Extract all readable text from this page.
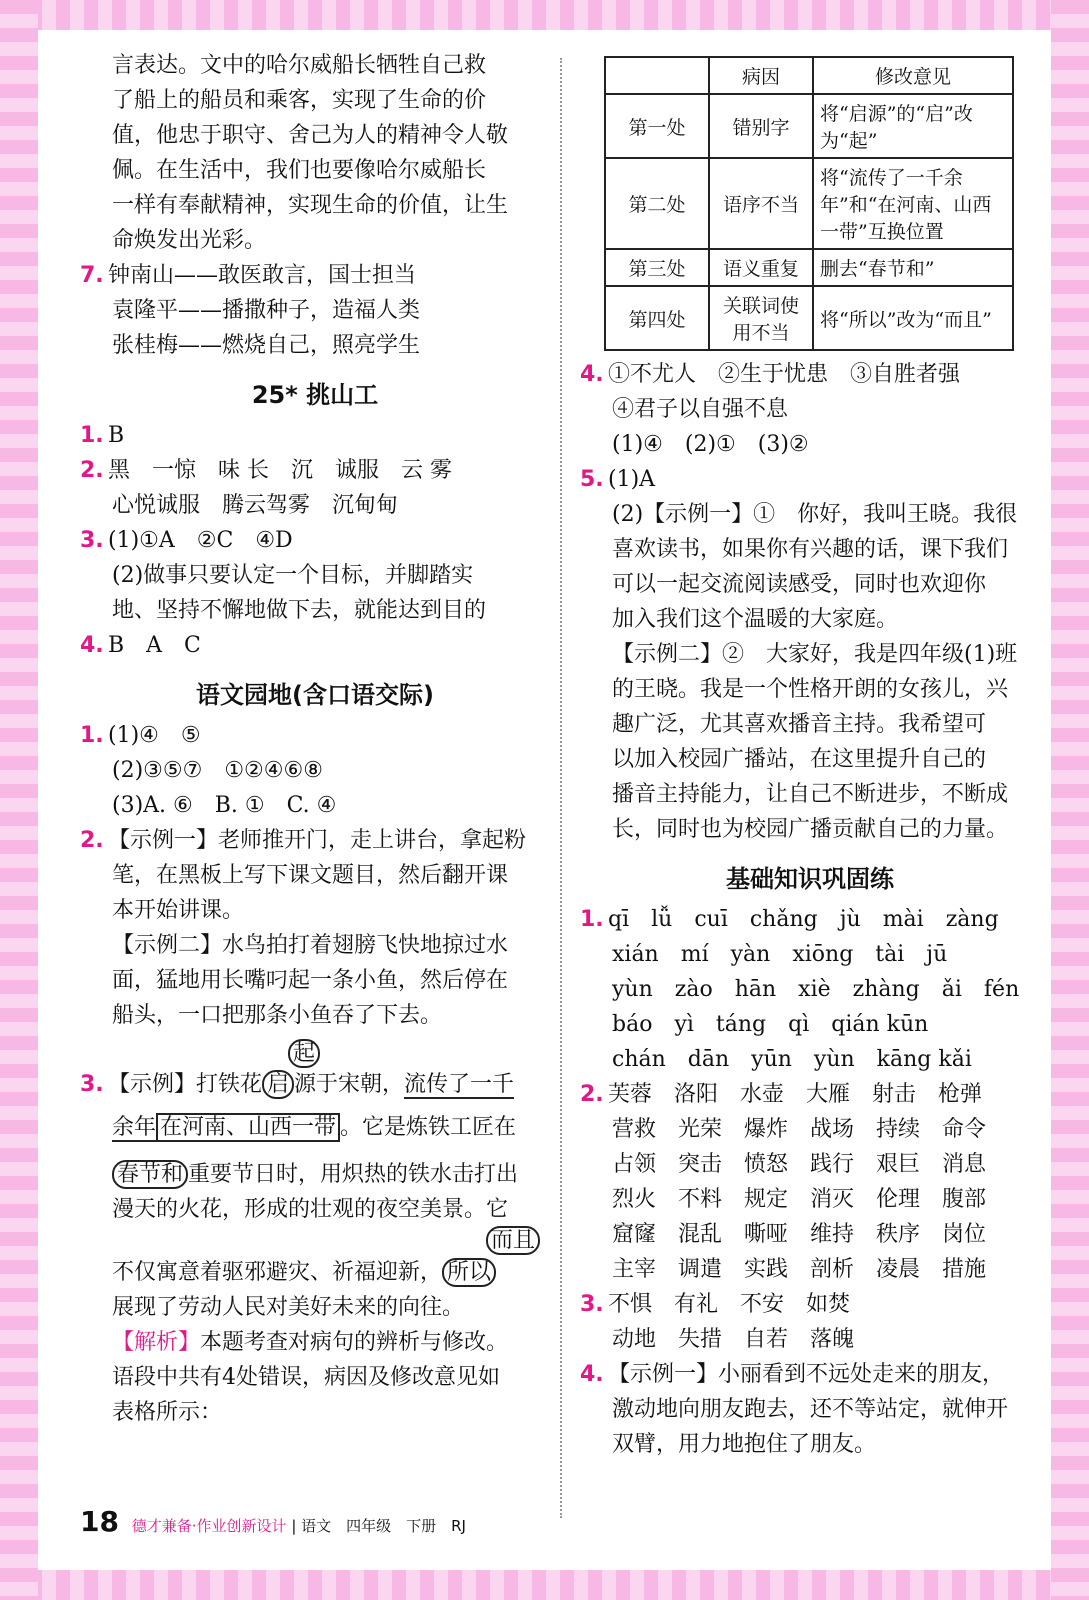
言表达。文中的哈尔威船长牺牲自己救
了船上的船员和乘客，实现了生命的价
值，他忠于职守、舍己为人的精神令人敬
佩。在生活中，我们也要像哈尔威船长
一样有奉献精神，实现生命的价值，让生
命焕发出光彩。
7. 钟南山——敢医敢言，国士担当
袁隆平——播撒种子，造福人类
张桂梅——燃烧自己，照亮学生
25* 挑山工
1. B
2. 黑　一惊　味 长　沉　诚服　云 雾
心悦诚服　腾云驾雾　沉甸甸
3. (1)①A　②C　④D
(2)做事只要认定一个目标，并脚踏实
地、坚持不懈地做下去，就能达到目的
4. B　A　C
语文园地(含口语交际)
1. (1)④　⑤
(2)③⑤⑦　①②④⑥⑧
(3)A. ⑥　B. ①　C. ④
2. 【示例一】老师推开门，走上讲台，拿起粉
笔，在黑板上写下课文题目，然后翻开课
本开始讲课。
【示例二】水鸟拍打着翅膀飞快地掠过水
面，猛地用长嘴叼起一条小鱼，然后停在
船头，一口把那条小鱼吞了下去。
起
3. 【示例】打铁花 启 源于宋朝，流传了一千
余年 在河南、山西一带 。它是炼铁工匠在
春节和 重要节日时，用炽热的铁水击打出
漫天的火花，形成的壮观的夜空美景。它
而且
不仅寓意着驱邪避灾、祈福迎新， 所以
展现了劳动人民对美好未来的向往。
【解析】本题考查对病句的辨析与修改。
语段中共有4处错误，病因及修改意见如
表格所示：
	病因	修改意见
第一处	错别字	将“启源”的“启”改为“起”
第二处	语序不当	将“流传了一千余年”和“在河南、山西一带”互换位置
第三处	语义重复	删去“春节和”
第四处	关联词使用不当	将“所以”改为“而且”
4. ①不尤人　②生于忧患　③自胜者强
④君子以自强不息
(1)④　(2)①　(3)②
5. (1)A
(2)【示例一】①　你好，我叫王晓。我很
喜欢读书，如果你有兴趣的话，课下我们
可以一起交流阅读感受，同时也欢迎你
加入我们这个温暖的大家庭。
【示例二】②　大家好，我是四年级(1)班
的王晓。我是一个性格开朗的女孩儿，兴
趣广泛，尤其喜欢播音主持。我希望可
以加入校园广播站，在这里提升自己的
播音主持能力，让自己不断进步，不断成
长，同时也为校园广播贡献自己的力量。
基础知识巩固练
1. qī　lǚ　cuī　chǎng　jù　mài　zàng
xián　mí　yàn　xiōng　tài　jū
yùn　zào　hān　xiè　zhàng　ǎi　fén
báo　yì　táng　qì　qián kūn
chán　dān　yūn　yùn　kāng kǎi
2. 芙蓉　洛阳　水壶　大雁　射击　枪弹
营救　光荣　爆炸　战场　持续　命令
占领　突击　愤怒　践行　艰巨　消息
烈火　不料　规定　消灭　伦理　腹部
窟窿　混乱　嘶哑　维持　秩序　岗位
主宰　调遣　实践　剖析　凌晨　措施
3. 不惧　有礼　不安　如焚
动地　失措　自若　落魄
4. 【示例一】小丽看到不远处走来的朋友，
激动地向朋友跑去，还不等站定，就伸开
双臂，用力地抱住了朋友。
18 德才兼备·作业创新设计 | 语文　四年级　下册　RJ
